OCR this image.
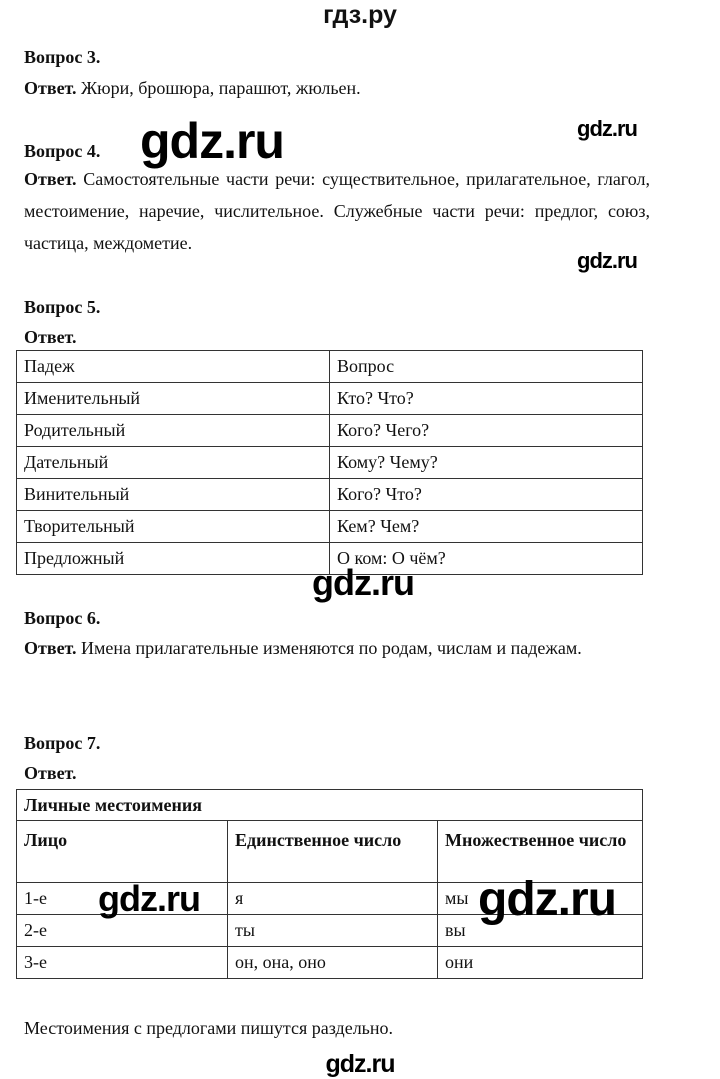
гдз.ру
Вопрос 3.
Ответ. Жюри, брошюра, парашют, жюльен.
Вопрос 4. gdz.ru	gdz.ru
Ответ. Самостоятельные части речи: существительное, прилагательное, глагол, местоимение, наречие, числительное. Служебные части речи: предлог, союз, частица, междометие.
gdz.ru
Вопрос 5.
Ответ.
Падеж	Вопрос
Именительный	Кто? Что?
Родительный	Кого? Чего?
Дательный	Кому? Чему?
Винительный	Кого? Что?
Творительный	Кем? Чем?
Предложный	О ком: О чём?
gdz.ru
Вопрос 6.
Ответ. Имена прилагательные изменяются по родам, числам и падежам.
Вопрос 7.
Ответ.
Личные местоимения		
Лицо	Единственное число	Множественное число
1-е	я	мы
2-е	ты	вы
3-е	он, она, оно	они
gdz.ru	gdz.ru
Местоимения с предлогами пишутся раздельно.
gdz.ru
